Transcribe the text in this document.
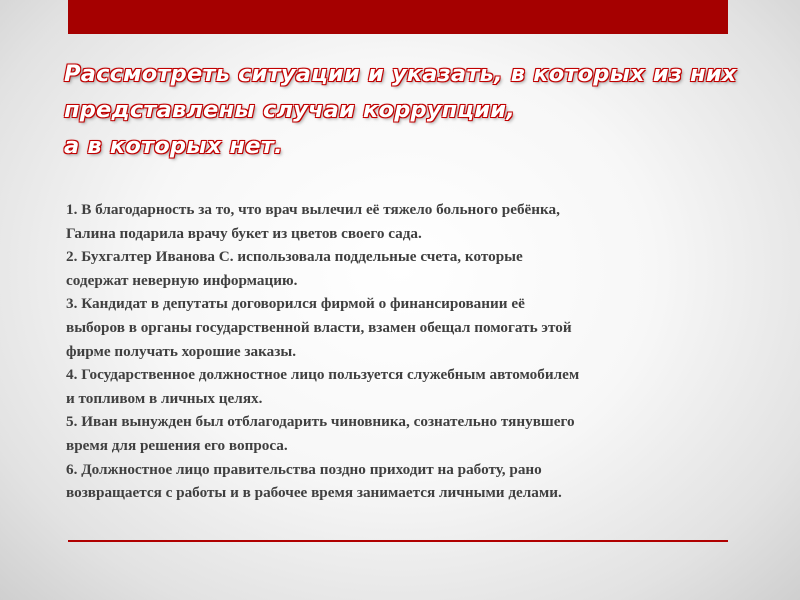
Рассмотреть ситуации и указать, в которых из них
представлены случаи коррупции,
а в которых нет.
1. В благодарность за то, что врач вылечил её тяжело больного ребёнка,
Галина подарила врачу букет из цветов своего сада.
2. Бухгалтер Иванова С. использовала поддельные счета, которые
содержат неверную информацию.
3. Кандидат в депутаты договорился фирмой о финансировании её
выборов в органы государственной власти, взамен обещал помогать этой
фирме получать хорошие заказы.
4. Государственное должностное лицо пользуется служебным автомобилем
и топливом в личных целях.
5. Иван вынужден был отблагодарить чиновника, сознательно тянувшего
время для решения его вопроса.
6. Должностное лицо правительства поздно приходит на работу, рано
возвращается с работы и в рабочее время занимается личными делами.
